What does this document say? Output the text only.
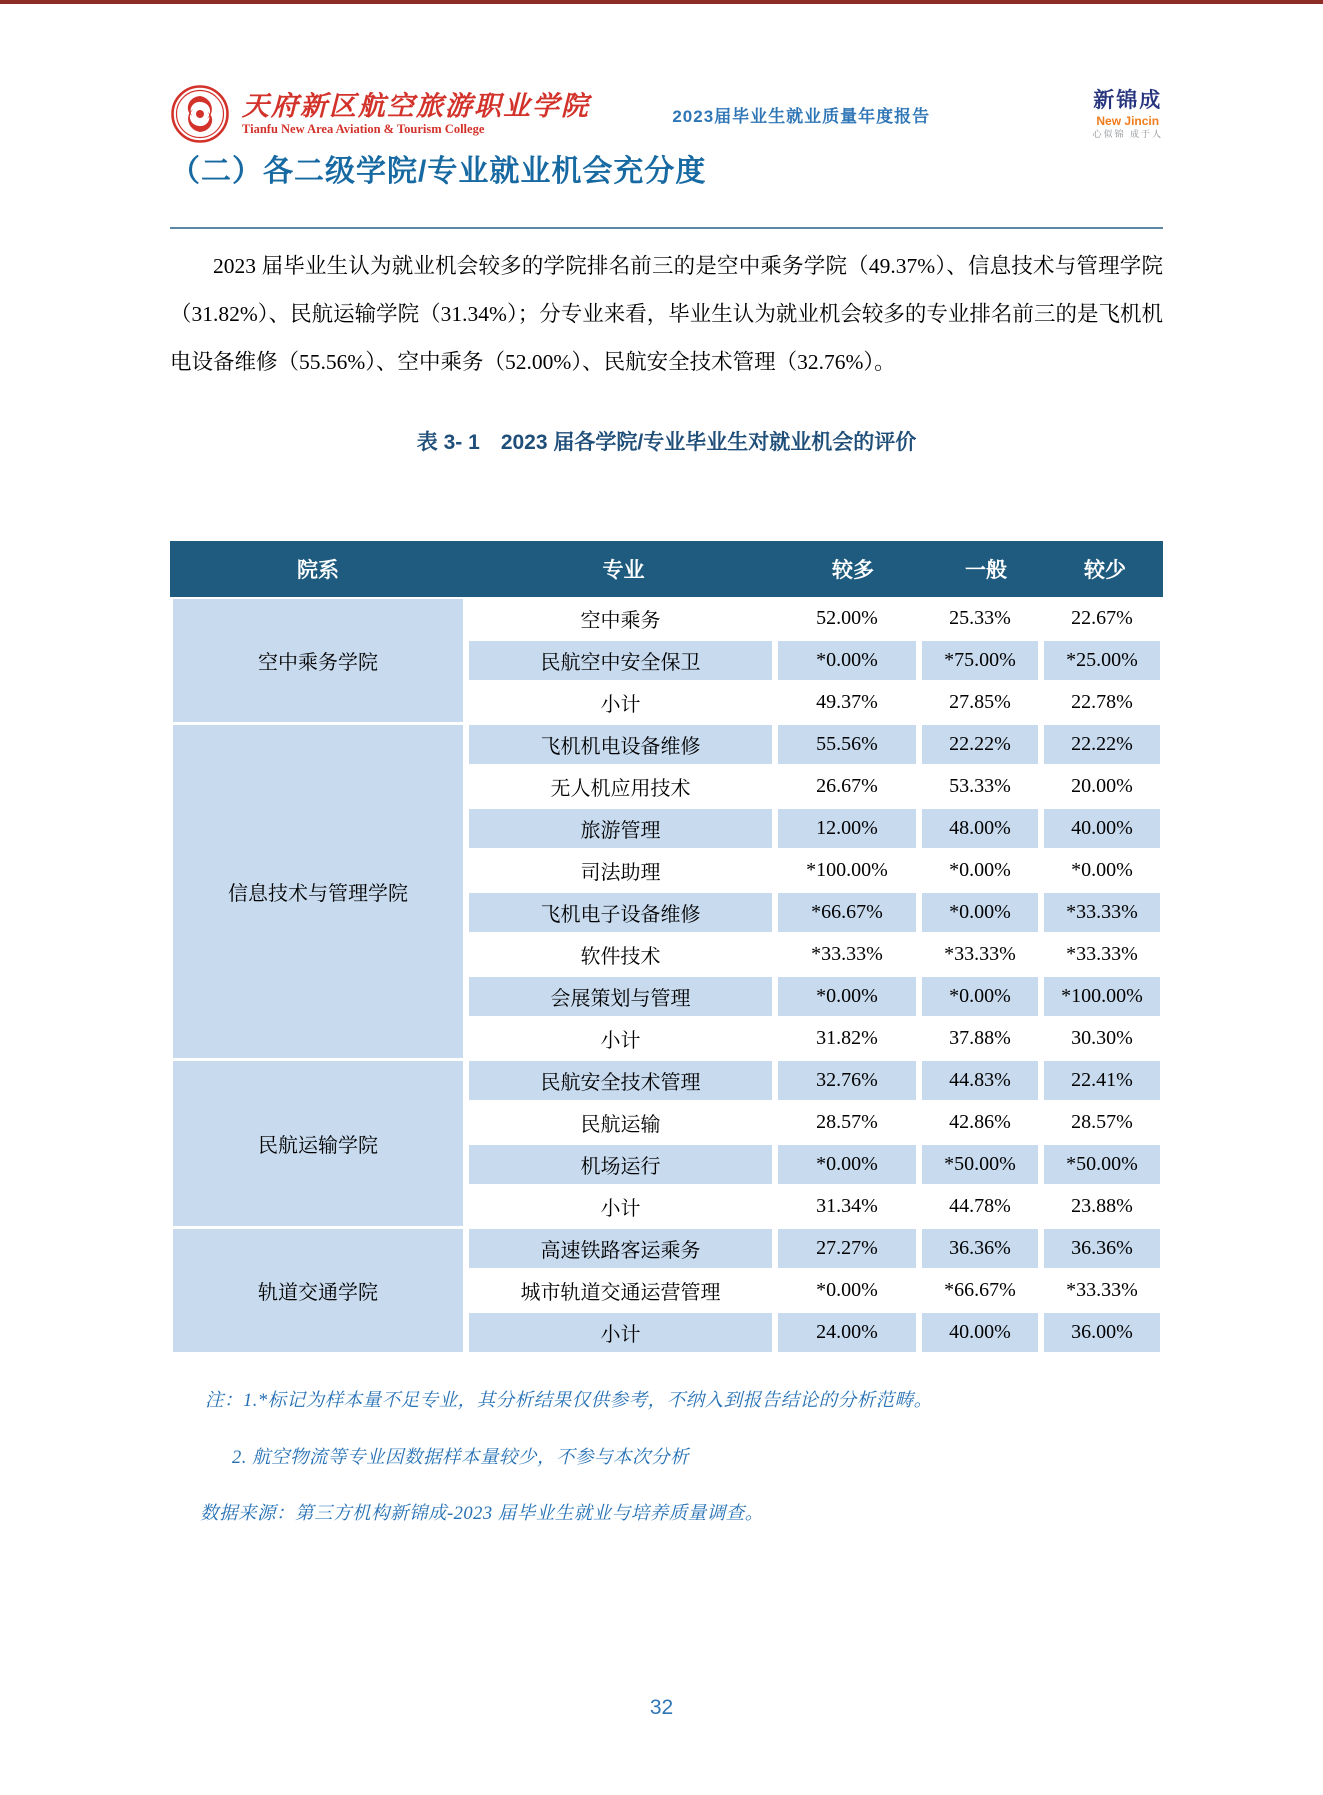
天府新区航空旅游职业学院
Tianfu New Area Aviation & Tourism College
2023届毕业生就业质量年度报告
新锦成
New Jincin
心似锦 成于人
（二）各二级学院/专业就业机会充分度
2023 届毕业生认为就业机会较多的学院排名前三的是空中乘务学院（49.37%）、信息技术与管理学院（31.82%）、民航运输学院（31.34%）；分专业来看，毕业生认为就业机会较多的专业排名前三的是飞机机电设备维修（55.56%）、空中乘务（52.00%）、民航安全技术管理（32.76%）。
表 3- 1　2023 届各学院/专业毕业生对就业机会的评价
院系	专业	较多	一般	较少
空中乘务学院
空中乘务	52.00%	25.33%	22.67%
民航空中安全保卫	*0.00%	*75.00%	*25.00%
小计	49.37%	27.85%	22.78%
信息技术与管理学院
飞机机电设备维修	55.56%	22.22%	22.22%
无人机应用技术	26.67%	53.33%	20.00%
旅游管理	12.00%	48.00%	40.00%
司法助理	*100.00%	*0.00%	*0.00%
飞机电子设备维修	*66.67%	*0.00%	*33.33%
软件技术	*33.33%	*33.33%	*33.33%
会展策划与管理	*0.00%	*0.00%	*100.00%
小计	31.82%	37.88%	30.30%
民航运输学院
民航安全技术管理	32.76%	44.83%	22.41%
民航运输	28.57%	42.86%	28.57%
机场运行	*0.00%	*50.00%	*50.00%
小计	31.34%	44.78%	23.88%
轨道交通学院
高速铁路客运乘务	27.27%	36.36%	36.36%
城市轨道交通运营管理	*0.00%	*66.67%	*33.33%
小计	24.00%	40.00%	36.00%
注：1.*标记为样本量不足专业，其分析结果仅供参考，不纳入到报告结论的分析范畴。
2. 航空物流等专业因数据样本量较少，不参与本次分析
数据来源：第三方机构新锦成-2023 届毕业生就业与培养质量调查。
32
